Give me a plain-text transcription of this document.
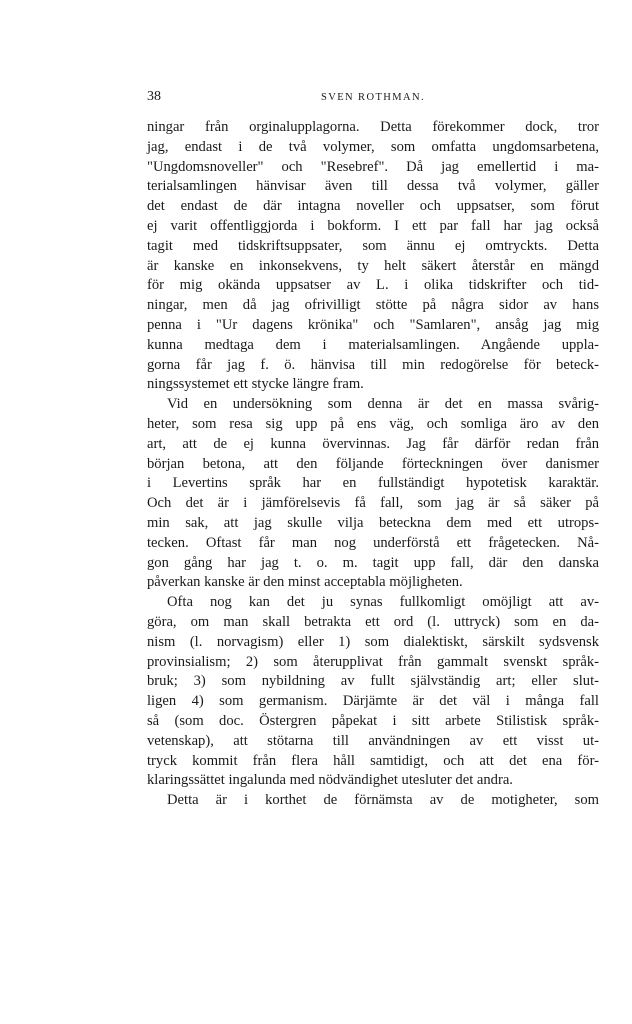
38	SVEN ROTHMAN.
ningar från orginalupplagorna. Detta förekommer dock, tror
jag, endast i de två volymer, som omfatta ungdomsarbetena,
"Ungdomsnoveller" och "Resebref". Då jag emellertid i ma-
terialsamlingen hänvisar även till dessa två volymer, gäller
det endast de där intagna noveller och uppsatser, som förut
ej varit offentliggjorda i bokform. I ett par fall har jag också
tagit med tidskriftsuppsater, som ännu ej omtryckts. Detta
är kanske en inkonsekvens, ty helt säkert återstår en mängd
för mig okända uppsatser av L. i olika tidskrifter och tid-
ningar, men då jag ofrivilligt stötte på några sidor av hans
penna i "Ur dagens krönika" och "Samlaren", ansåg jag mig
kunna medtaga dem i materialsamlingen. Angående uppla-
gorna får jag f. ö. hänvisa till min redogörelse för beteck-
ningssystemet ett stycke längre fram.
Vid en undersökning som denna är det en massa svårig-
heter, som resa sig upp på ens väg, och somliga äro av den
art, att de ej kunna övervinnas. Jag får därför redan från
början betona, att den följande förteckningen över danismer
i Levertins språk har en fullständigt hypotetisk karaktär.
Och det är i jämförelsevis få fall, som jag är så säker på
min sak, att jag skulle vilja beteckna dem med ett utrops-
tecken. Oftast får man nog underförstå ett frågetecken. Nå-
gon gång har jag t. o. m. tagit upp fall, där den danska
påverkan kanske är den minst acceptabla möjligheten.
Ofta nog kan det ju synas fullkomligt omöjligt att av-
göra, om man skall betrakta ett ord (l. uttryck) som en da-
nism (l. norvagism) eller 1) som dialektiskt, särskilt sydsvensk
provinsialism; 2) som återupplivat från gammalt svenskt språk-
bruk; 3) som nybildning av fullt självständig art; eller slut-
ligen 4) som germanism. Därjämte är det väl i många fall
så (som doc. Östergren påpekat i sitt arbete Stilistisk språk-
vetenskap), att stötarna till användningen av ett visst ut-
tryck kommit från flera håll samtidigt, och att det ena för-
klaringssättet ingalunda med nödvändighet utesluter det andra.
Detta är i korthet de förnämsta av de motigheter, som
